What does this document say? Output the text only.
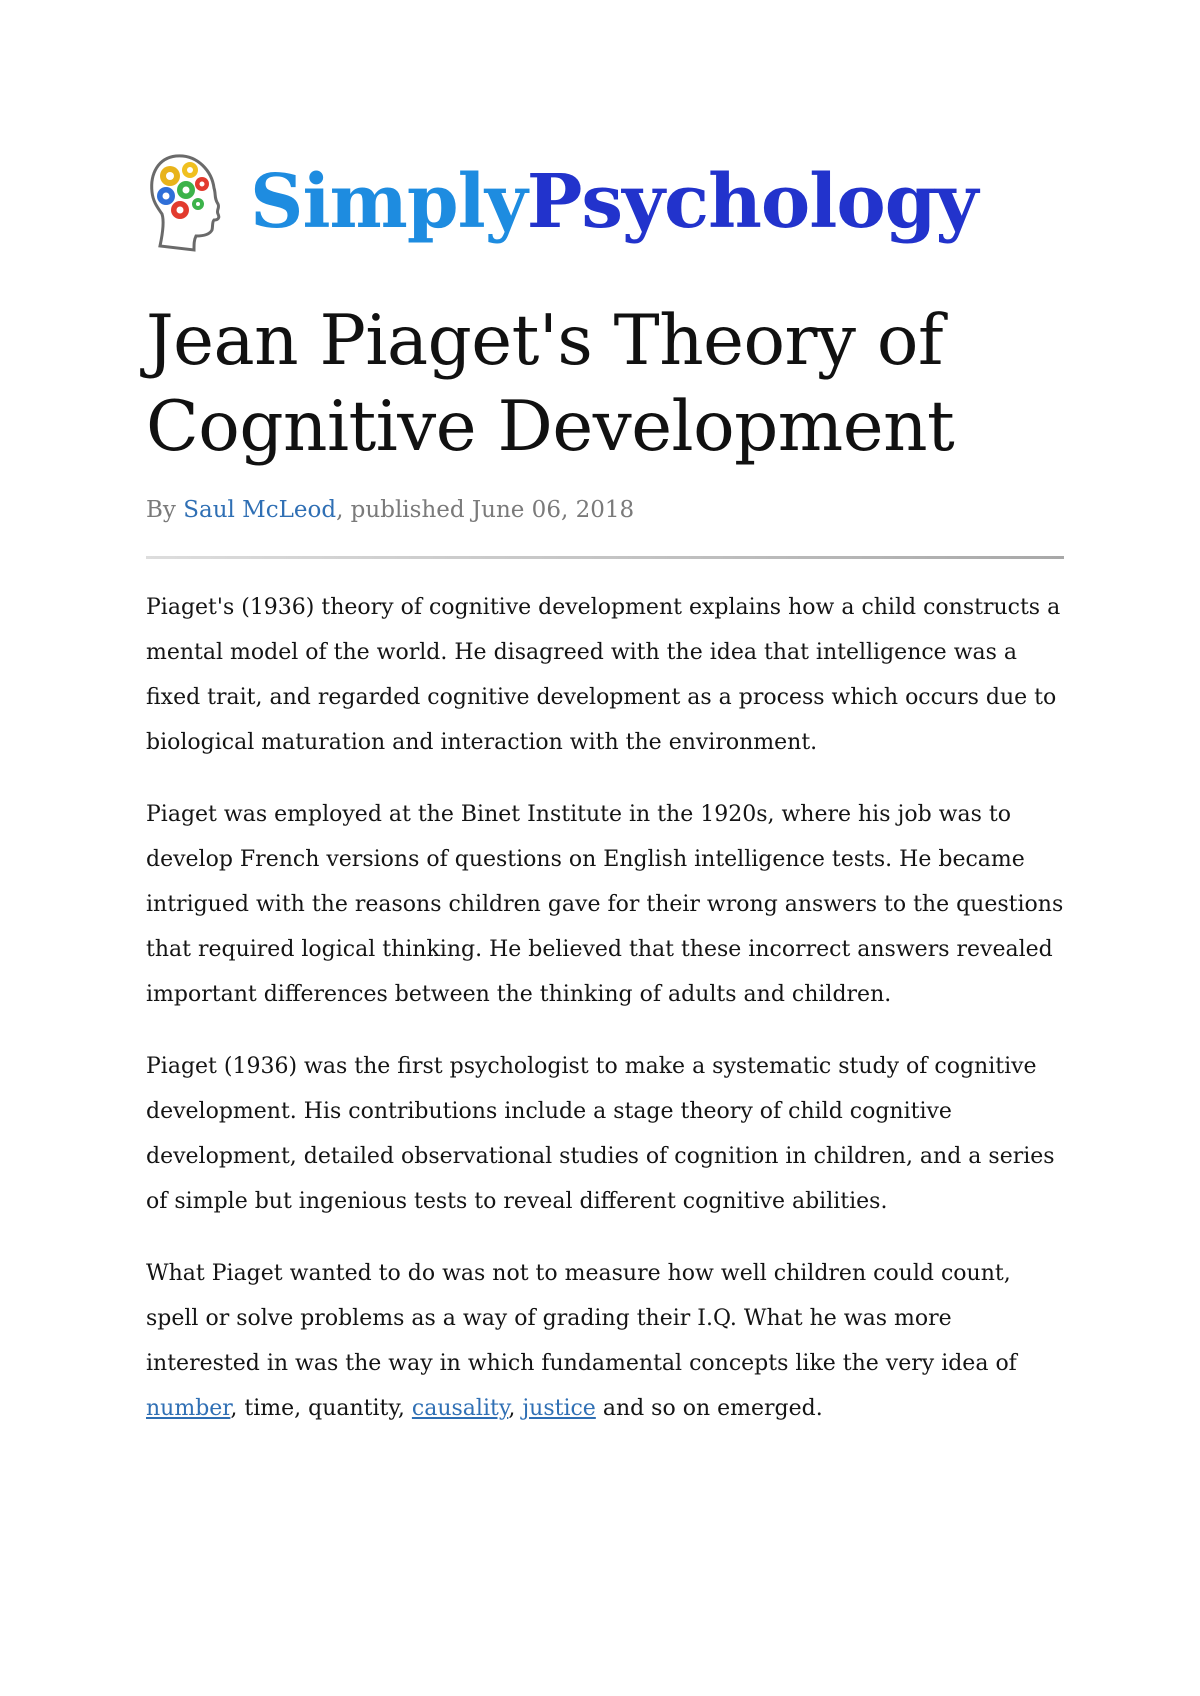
SimplyPsychology
Jean Piaget's Theory of Cognitive Development
By Saul McLeod, published June 06, 2018

Piaget's (1936) theory of cognitive development explains how a child constructs a mental model of the world. He disagreed with the idea that intelligence was a fixed trait, and regarded cognitive development as a process which occurs due to biological maturation and interaction with the environment.

Piaget was employed at the Binet Institute in the 1920s, where his job was to develop French versions of questions on English intelligence tests. He became intrigued with the reasons children gave for their wrong answers to the questions that required logical thinking. He believed that these incorrect answers revealed important differences between the thinking of adults and children.

Piaget (1936) was the first psychologist to make a systematic study of cognitive development. His contributions include a stage theory of child cognitive development, detailed observational studies of cognition in children, and a series of simple but ingenious tests to reveal different cognitive abilities.

What Piaget wanted to do was not to measure how well children could count, spell or solve problems as a way of grading their I.Q. What he was more interested in was the way in which fundamental concepts like the very idea of number, time, quantity, causality, justice and so on emerged.
